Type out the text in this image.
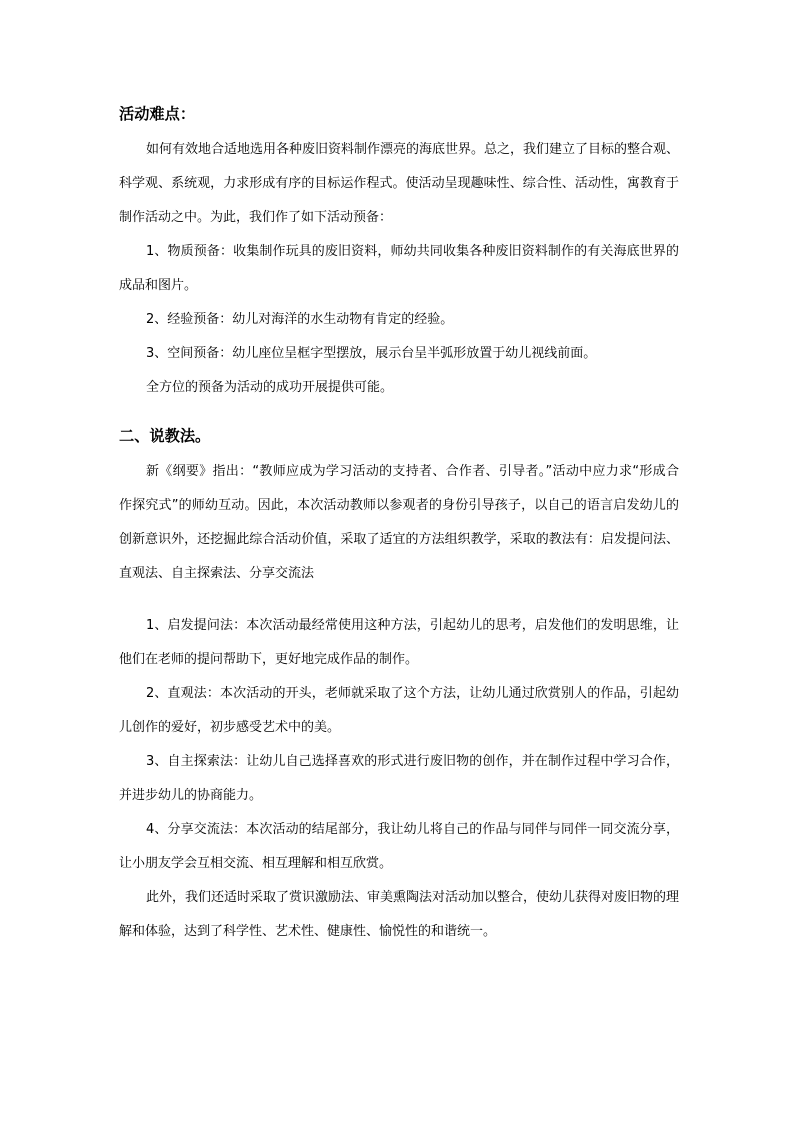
活动难点：

如何有效地合适地选用各种废旧资料制作漂亮的海底世界。总之，我们建立了目标的整合观、科学观、系统观，力求形成有序的目标运作程式。使活动呈现趣味性、综合性、活动性，寓教育于制作活动之中。为此，我们作了如下活动预备：

1、物质预备：收集制作玩具的废旧资料，师幼共同收集各种废旧资料制作的有关海底世界的成品和图片。

2、经验预备：幼儿对海洋的水生动物有肯定的经验。

3、空间预备：幼儿座位呈框字型摆放，展示台呈半弧形放置于幼儿视线前面。

全方位的预备为活动的成功开展提供可能。

二、说教法。

新《纲要》指出：“教师应成为学习活动的支持者、合作者、引导者。”活动中应力求“形成合作探究式”的师幼互动。因此，本次活动教师以参观者的身份引导孩子，以自己的语言启发幼儿的创新意识外，还挖掘此综合活动价值，采取了适宜的方法组织教学，采取的教法有：启发提问法、直观法、自主探索法、分享交流法

1、启发提问法：本次活动最经常使用这种方法，引起幼儿的思考，启发他们的发明思维，让他们在老师的提问帮助下，更好地完成作品的制作。

2、直观法：本次活动的开头，老师就采取了这个方法，让幼儿通过欣赏别人的作品，引起幼儿创作的爱好，初步感受艺术中的美。

3、自主探索法：让幼儿自己选择喜欢的形式进行废旧物的创作，并在制作过程中学习合作，并进步幼儿的协商能力。

4、分享交流法：本次活动的结尾部分，我让幼儿将自己的作品与同伴与同伴一同交流分享，让小朋友学会互相交流、相互理解和相互欣赏。

此外，我们还适时采取了赏识激励法、审美熏陶法对活动加以整合，使幼儿获得对废旧物的理解和体验，达到了科学性、艺术性、健康性、愉悦性的和谐统一。
